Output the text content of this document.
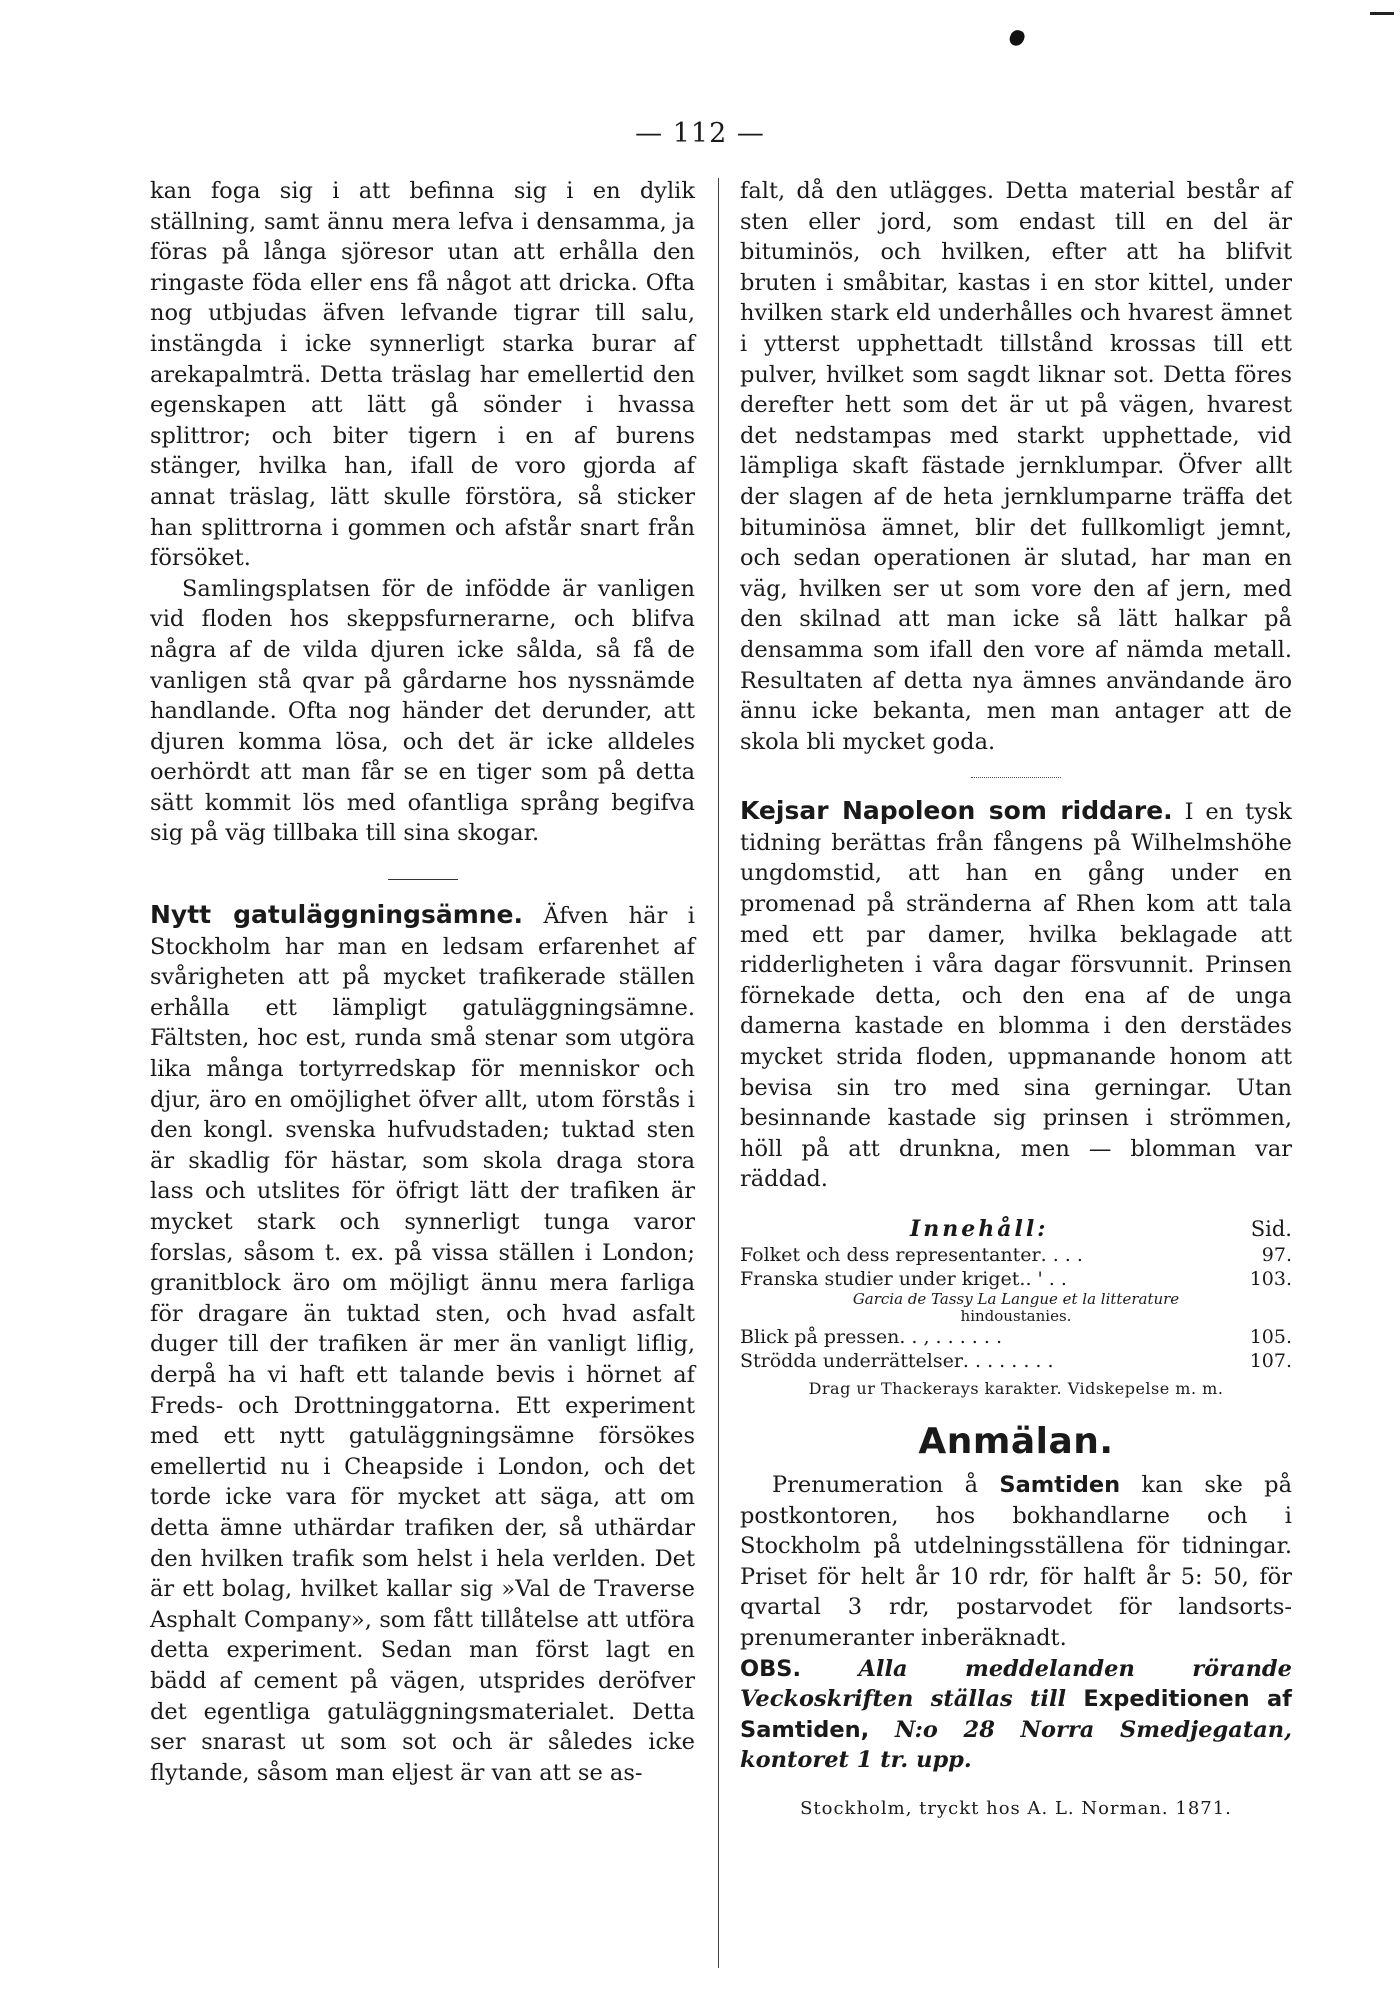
— 112 —

kan foga sig i att befinna sig i en dylik ställning, samt ännu mera lefva i densamma, ja föras på långa sjöresor utan att erhålla den ringaste föda eller ens få något att dricka. Ofta nog utbjudas äfven lefvande tigrar till salu, instängda i icke synnerligt starka burar af arekapalmträ. Detta träslag har emellertid den egenskapen att lätt gå sönder i hvassa splittror; och biter tigern i en af burens stänger, hvilka han, ifall de voro gjorda af annat träslag, lätt skulle förstöra, så sticker han splittrorna i gommen och afstår snart från försöket.

Samlingsplatsen för de infödde är vanligen vid floden hos skeppsfurnerarne, och blifva några af de vilda djuren icke sålda, så få de vanligen stå qvar på gårdarne hos nyssnämde handlande. Ofta nog händer det derunder, att djuren komma lösa, och det är icke alldeles oerhördt att man får se en tiger som på detta sätt kommit lös med ofantliga språng begifva sig på väg tillbaka till sina skogar.

Nytt gatuläggningsämne. Äfven här i Stockholm har man en ledsam erfarenhet af svårigheten att på mycket trafikerade ställen erhålla ett lämpligt gatuläggningsämne. Fältsten, hoc est, runda små stenar som utgöra lika många tortyrredskap för menniskor och djur, äro en omöjlighet öfver allt, utom förstås i den kongl. svenska hufvudstaden; tuktad sten är skadlig för hästar, som skola draga stora lass och utslites för öfrigt lätt der trafiken är mycket stark och synnerligt tunga varor forslas, såsom t. ex. på vissa ställen i London; granitblock äro om möjligt ännu mera farliga för dragare än tuktad sten, och hvad asfalt duger till der trafiken är mer än vanligt liflig, derpå ha vi haft ett talande bevis i hörnet af Freds- och Drottninggatorna. Ett experiment med ett nytt gatuläggningsämne försökes emellertid nu i Cheapside i London, och det torde icke vara för mycket att säga, att om detta ämne uthärdar trafiken der, så uthärdar den hvilken trafik som helst i hela verlden. Det är ett bolag, hvilket kallar sig »Val de Traverse Asphalt Company», som fått tillåtelse att utföra detta experiment. Sedan man först lagt en bädd af cement på vägen, utsprides deröfver det egentliga gatuläggningsmaterialet. Detta ser snarast ut som sot och är således icke flytande, såsom man eljest är van att se as-

falt, då den utlägges. Detta material består af sten eller jord, som endast till en del är bituminös, och hvilken, efter att ha blifvit bruten i småbitar, kastas i en stor kittel, under hvilken stark eld underhålles och hvarest ämnet i ytterst upphettadt tillstånd krossas till ett pulver, hvilket som sagdt liknar sot. Detta föres derefter hett som det är ut på vägen, hvarest det nedstampas med starkt upphettade, vid lämpliga skaft fästade jernklumpar. Öfver allt der slagen af de heta jernklumparne träffa det bituminösa ämnet, blir det fullkomligt jemnt, och sedan operationen är slutad, har man en väg, hvilken ser ut som vore den af jern, med den skilnad att man icke så lätt halkar på densamma som ifall den vore af nämda metall. Resultaten af detta nya ämnes användande äro ännu icke bekanta, men man antager att de skola bli mycket goda.

Kejsar Napoleon som riddare. I en tysk tidning berättas från fångens på Wilhelmshöhe ungdomstid, att han en gång under en promenad på stränderna af Rhen kom att tala med ett par damer, hvilka beklagade att ridderligheten i våra dagar försvunnit. Prinsen förnekade detta, och den ena af de unga damerna kastade en blomma i den derstädes mycket strida floden, uppmanande honom att bevisa sin tro med sina gerningar. Utan besinnande kastade sig prinsen i strömmen, höll på att drunkna, men — blomman var räddad.

Innehåll:	Sid.
Folket och dess representanter . . . .	97.
Franska studier under kriget. . ' . .	103.
Garcia de Tassy La Langue et la litterature
hindoustanies.
Blick på pressen . . , . . . . . .	105.
Strödda underrättelser . . . . . . . .	107.
Drag ur Thackerays karakter. Vidskepelse m. m.
Anmälan.

Prenumeration å Samtiden kan ske på postkontoren, hos bokhandlarne och i Stockholm på utdelningsställena för tidningar. Priset för helt år 10 rdr, för halft år 5: 50, för qvartal 3 rdr, postarvodet för landsorts-prenumeranter inberäknadt.

OBS. Alla meddelanden rörande Veckoskriften ställas till Expeditionen af Samtiden, N:o 28 Norra Smedjegatan, kontoret 1 tr. upp.

Stockholm, tryckt hos A. L. Norman. 1871.
